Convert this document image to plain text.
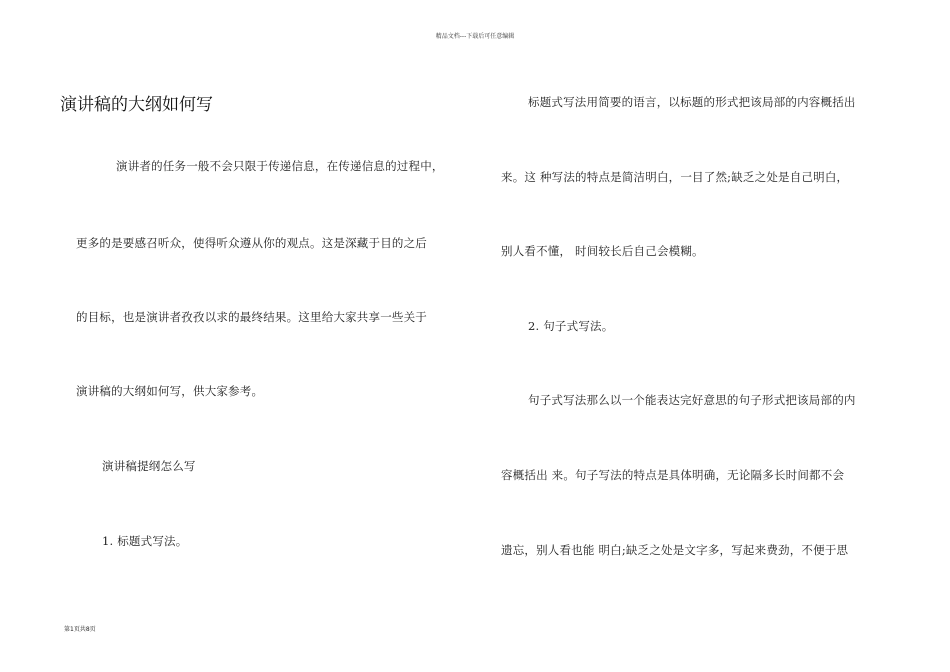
精品文档---下载后可任意编辑
演讲稿的大纲如何写
演讲者的任务一般不会只限于传递信息，在传递信息的过程中，
更多的是要感召听众，使得听众遵从你的观点。这是深藏于目的之后
的目标，也是演讲者孜孜以求的最终结果。这里给大家共享一些关于
演讲稿的大纲如何写，供大家参考。
演讲稿提纲怎么写
1. 标题式写法。
标题式写法用简要的语言，以标题的形式把该局部的内容概括出
来。这 种写法的特点是简洁明白，一目了然;缺乏之处是自己明白，
别人看不懂， 时间较长后自己会模糊。
2. 句子式写法。
句子式写法那么以一个能表达完好意思的句子形式把该局部的内
容概括出 来。句子写法的特点是具体明确，无论隔多长时间都不会
遗忘，别人看也能 明白;缺乏之处是文字多，写起来费劲，不便于思
第1页共8页
